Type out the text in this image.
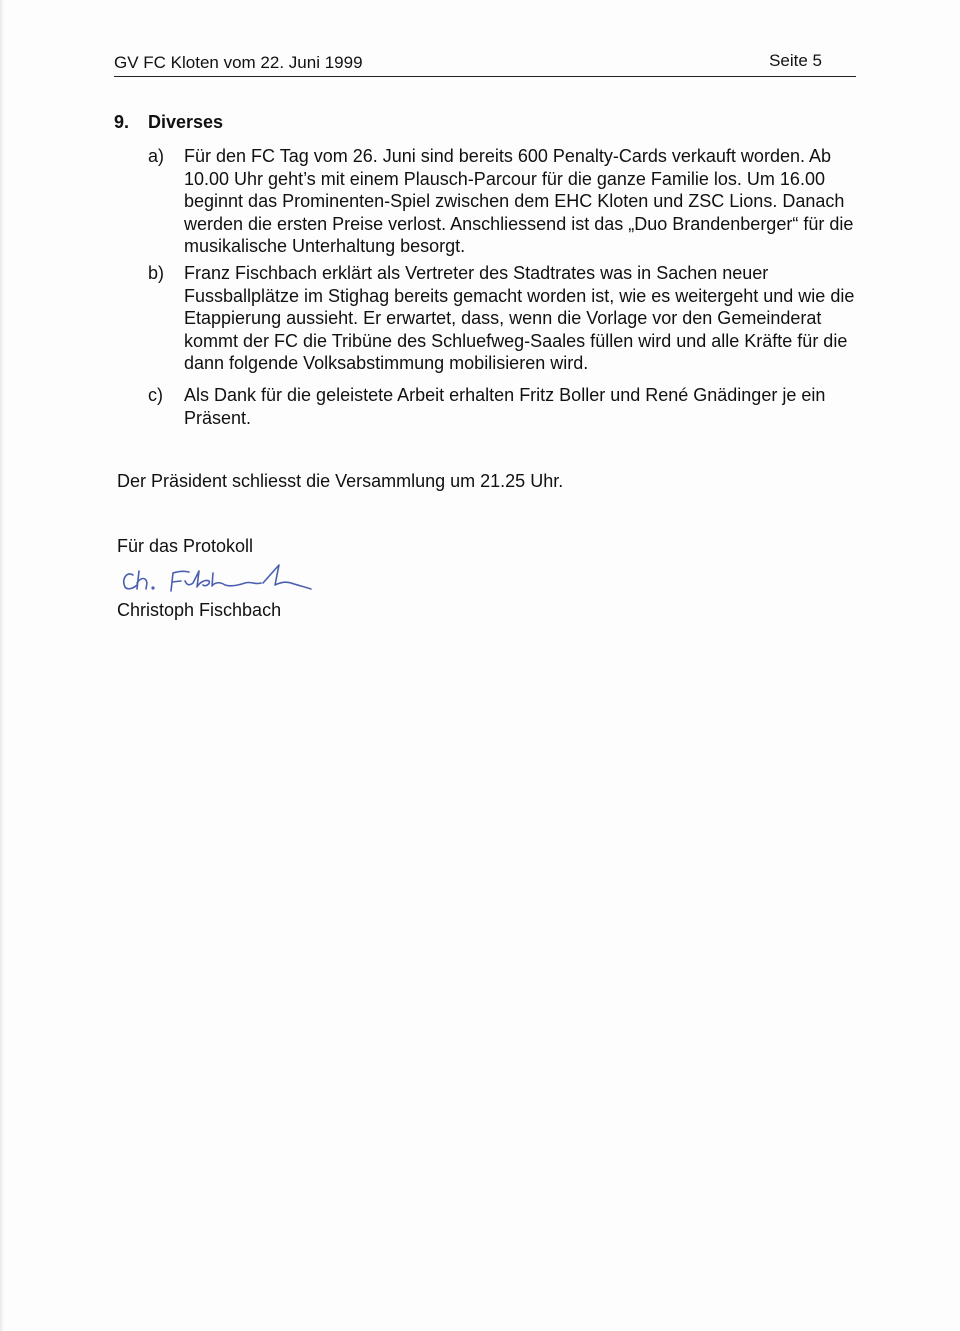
GV FC Kloten vom 22. Juni 1999	Seite 5
9. Diverses
a) Für den FC Tag vom 26. Juni sind bereits 600 Penalty-Cards verkauft worden. Ab 10.00 Uhr geht’s mit einem Plausch-Parcour für die ganze Familie los. Um 16.00 beginnt das Prominenten-Spiel zwischen dem EHC Kloten und ZSC Lions. Danach werden die ersten Preise verlost. Anschliessend ist das „Duo Brandenberger“ für die musikalische Unterhaltung besorgt.
b) Franz Fischbach erklärt als Vertreter des Stadtrates was in Sachen neuer Fussballplätze im Stighag bereits gemacht worden ist, wie es weitergeht und wie die Etappierung aussieht. Er erwartet, dass, wenn die Vorlage vor den Gemeinderat kommt der FC die Tribüne des Schluefweg-Saales füllen wird und alle Kräfte für die dann folgende Volksabstimmung mobilisieren wird.
c) Als Dank für die geleistete Arbeit erhalten Fritz Boller und René Gnädinger je ein Präsent.
Der Präsident schliesst die Versammlung um 21.25 Uhr.
Für das Protokoll
Christoph Fischbach
